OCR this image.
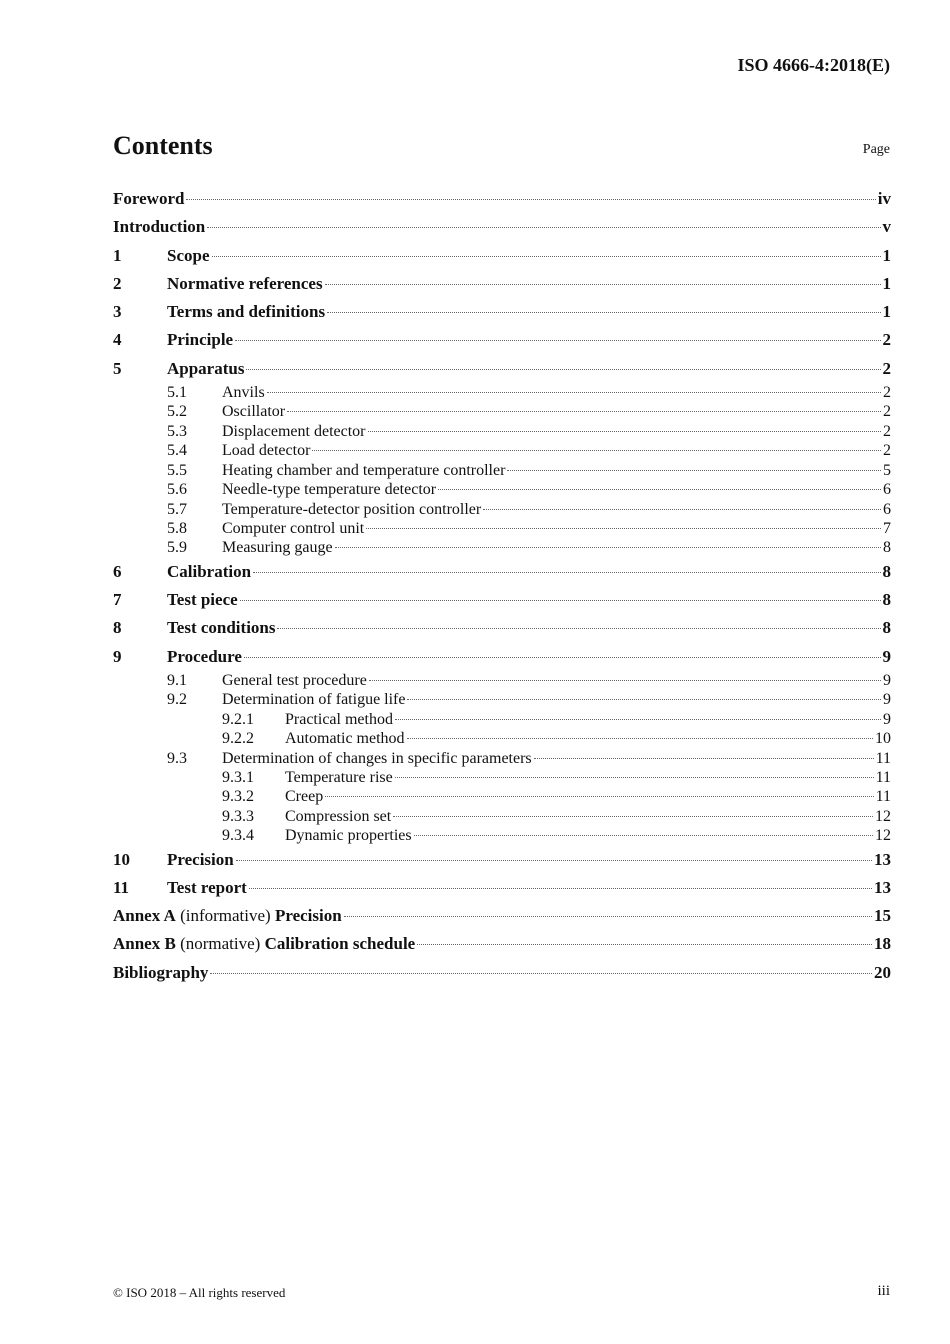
ISO 4666-4:2018(E)
Contents	Page
Foreword	iv
Introduction	v
1	Scope	1
2	Normative references	1
3	Terms and definitions	1
4	Principle	2
5	Apparatus	2
5.1	Anvils	2
5.2	Oscillator	2
5.3	Displacement detector	2
5.4	Load detector	2
5.5	Heating chamber and temperature controller	5
5.6	Needle-type temperature detector	6
5.7	Temperature-detector position controller	6
5.8	Computer control unit	7
5.9	Measuring gauge	8
6	Calibration	8
7	Test piece	8
8	Test conditions	8
9	Procedure	9
9.1	General test procedure	9
9.2	Determination of fatigue life	9
9.2.1	Practical method	9
9.2.2	Automatic method	10
9.3	Determination of changes in specific parameters	11
9.3.1	Temperature rise	11
9.3.2	Creep	11
9.3.3	Compression set	12
9.3.4	Dynamic properties	12
10	Precision	13
11	Test report	13
Annex A (informative) Precision	15
Annex B (normative) Calibration schedule	18
Bibliography	20
© ISO 2018 – All rights reserved	iii
